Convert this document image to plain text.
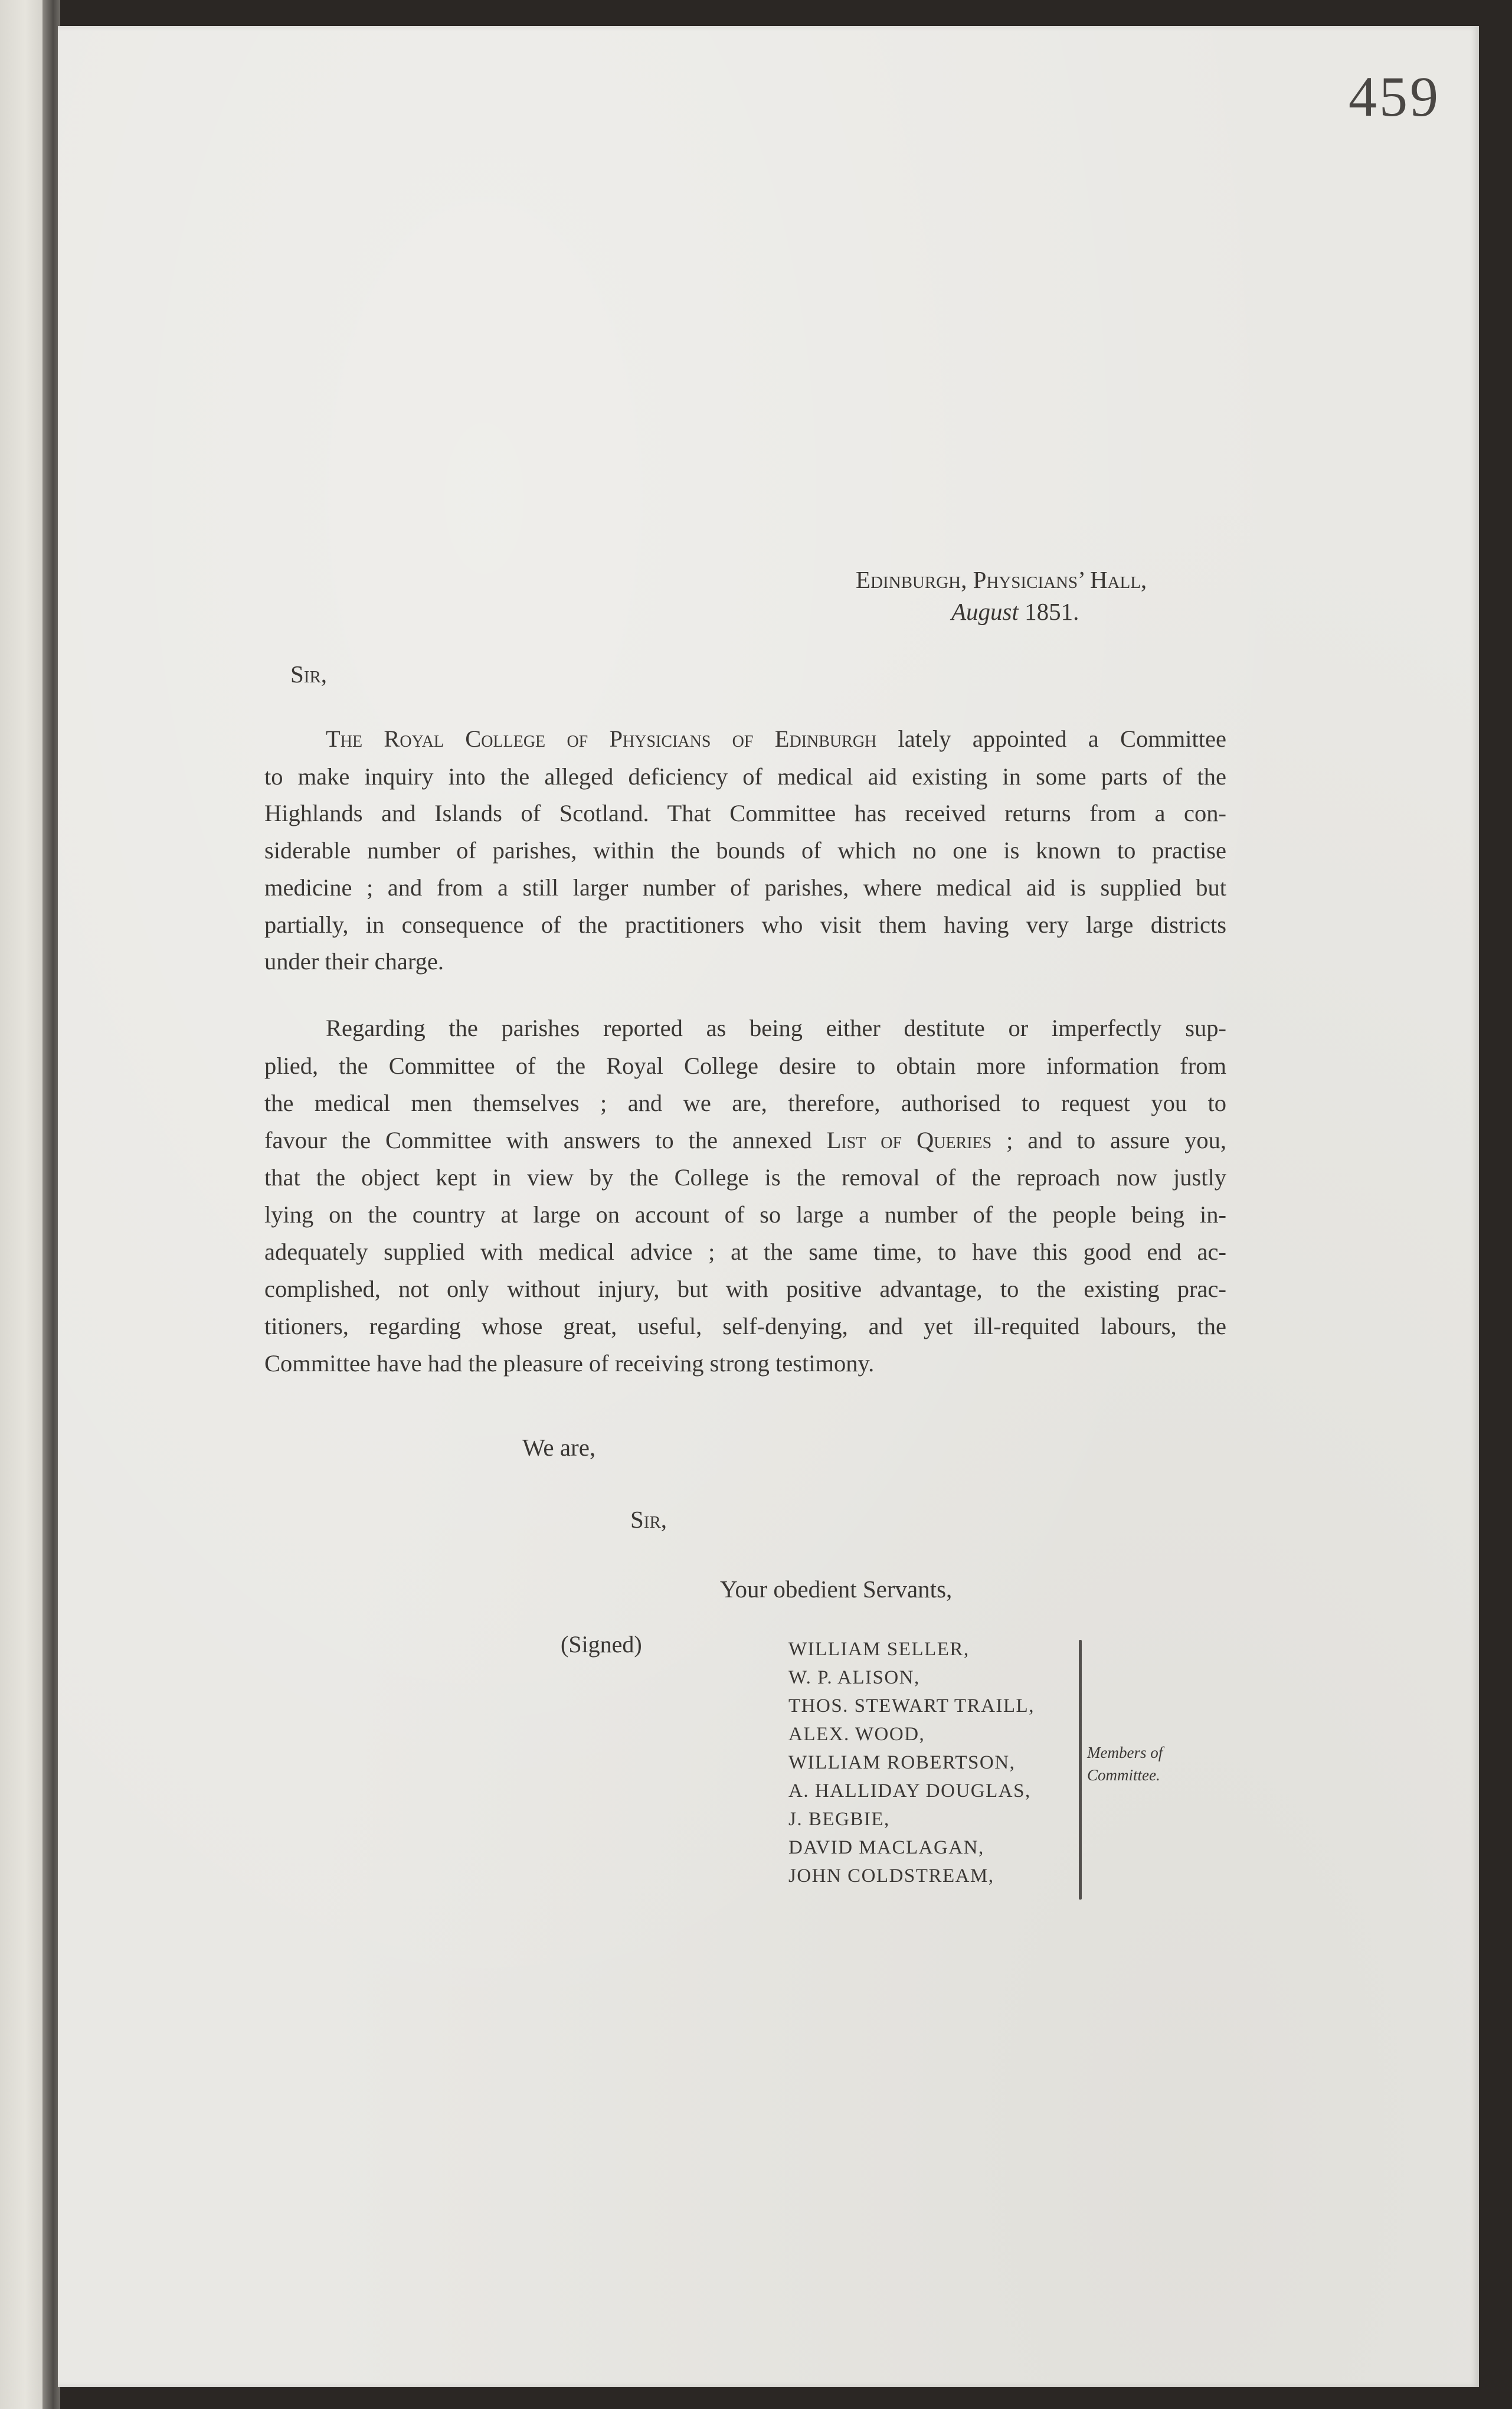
459
Edinburgh, Physicians’ Hall,
August 1851.
Sir,

The Royal College of Physicians of Edinburgh lately appointed a Committee

to make inquiry into the alleged deficiency of medical aid existing in some parts of the

Highlands and Islands of Scotland. That Committee has received returns from a con-

siderable number of parishes, within the bounds of which no one is known to practise

medicine ; and from a still larger number of parishes, where medical aid is supplied but

partially, in consequence of the practitioners who visit them having very large districts

under their charge.

Regarding the parishes reported as being either destitute or imperfectly sup-

plied, the Committee of the Royal College desire to obtain more information from

the medical men themselves ; and we are, therefore, authorised to request you to

favour the Committee with answers to the annexed List of Queries ; and to assure you,

that the object kept in view by the College is the removal of the reproach now justly

lying on the country at large on account of so large a number of the people being in-

adequately supplied with medical advice ; at the same time, to have this good end ac-

complished, not only without injury, but with positive advantage, to the existing prac-

titioners, regarding whose great, useful, self-denying, and yet ill-requited labours, the

Committee have had the pleasure of receiving strong testimony.

We are,
Sir,
Your obedient Servants,
(Signed)	WILLIAM SELLER,
W. P. ALISON,
THOS. STEWART TRAILL,
ALEX. WOOD,
WILLIAM ROBERTSON,
A. HALLIDAY DOUGLAS,
J. BEGBIE,
DAVID MACLAGAN,
JOHN COLDSTREAM,
Members of
Committee.
